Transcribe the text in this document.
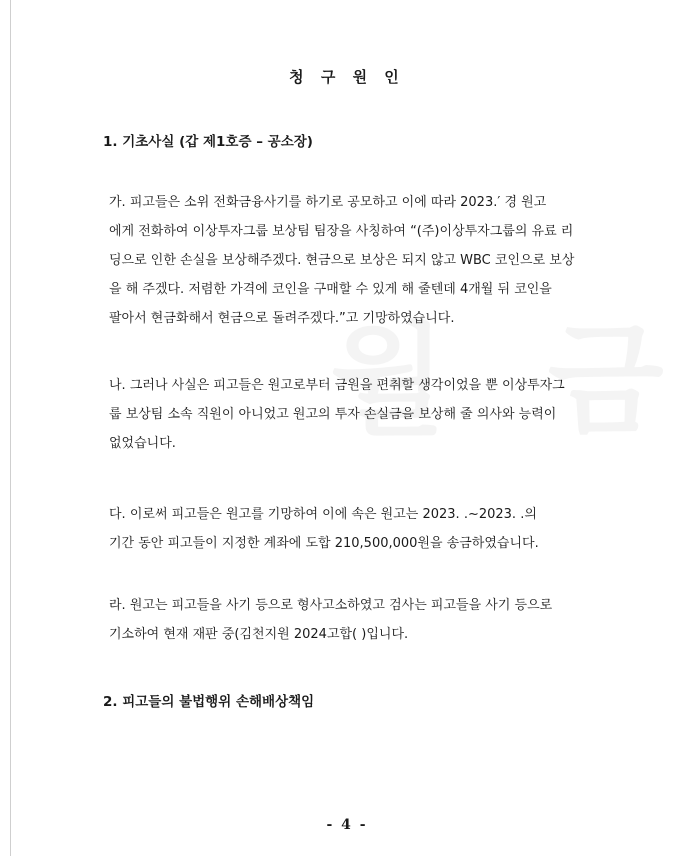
청 구 원 인
1. 기초사실 (갑 제1호증 – 공소장)
가. 피고들은 소위 전화금융사기를 하기로 공모하고 이에 따라 2023.′ 경 원고
에게 전화하여 이상투자그룹 보상팀 팀장을 사칭하여 “(주)이상투자그룹의 유료 리
딩으로 인한 손실을 보상해주겠다. 현금으로 보상은 되지 않고 WBC 코인으로 보상
을 해 주겠다. 저렴한 가격에 코인을 구매할 수 있게 해 줄텐데 4개월 뒤 코인을
팔아서 현금화해서 현금으로 돌려주겠다.”고 기망하였습니다.
나. 그러나 사실은 피고들은 원고로부터 금원을 편취할 생각이었을 뿐 이상투자그
룹 보상팀 소속 직원이 아니었고 원고의 투자 손실금을 보상해 줄 의사와 능력이
없었습니다.
다. 이로써 피고들은 원고를 기망하여 이에 속은 원고는 2023. .~2023. .의
기간 동안 피고들이 지정한 계좌에 도합 210,500,000원을 송금하였습니다.
라. 원고는 피고들을 사기 등으로 형사고소하였고 검사는 피고들을 사기 등으로
기소하여 현재 재판 중(김천지원 2024고합( )입니다.
2. 피고들의 불법행위 손해배상책임
- 4 -
